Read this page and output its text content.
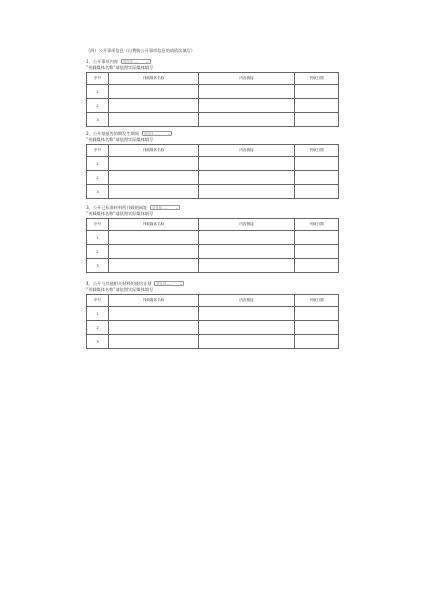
（四）公开事项信息（自费购公开事项信息的请依次填写）
1、公开事项内容	请选择…… ⌄
“刊载媒体名称”请依照实际媒体填写
序号	刊载媒体名称	内容链接	刊载日期
1			
2			
3			
2、公开基报告的期发生期间	请选择…… ⌄
“刊载媒体名称”请依照实际媒体填写
序号	刊载媒体名称	内容链接	刊载日期
1			
2			
3			
3、公开已标准材料所刊载的网址	请选择…… ⌄
“刊载媒体名称”请依照实际媒体填写
序号	刊载媒体名称	内容链接	刊载日期
1			
2			
3			
4、公开与其他相关材料的使用计划	请选择…… ⌄
“刊载媒体名称”请依照实际媒体填写
序号	刊载媒体名称	内容链接	刊载日期
1			
2			
3			
